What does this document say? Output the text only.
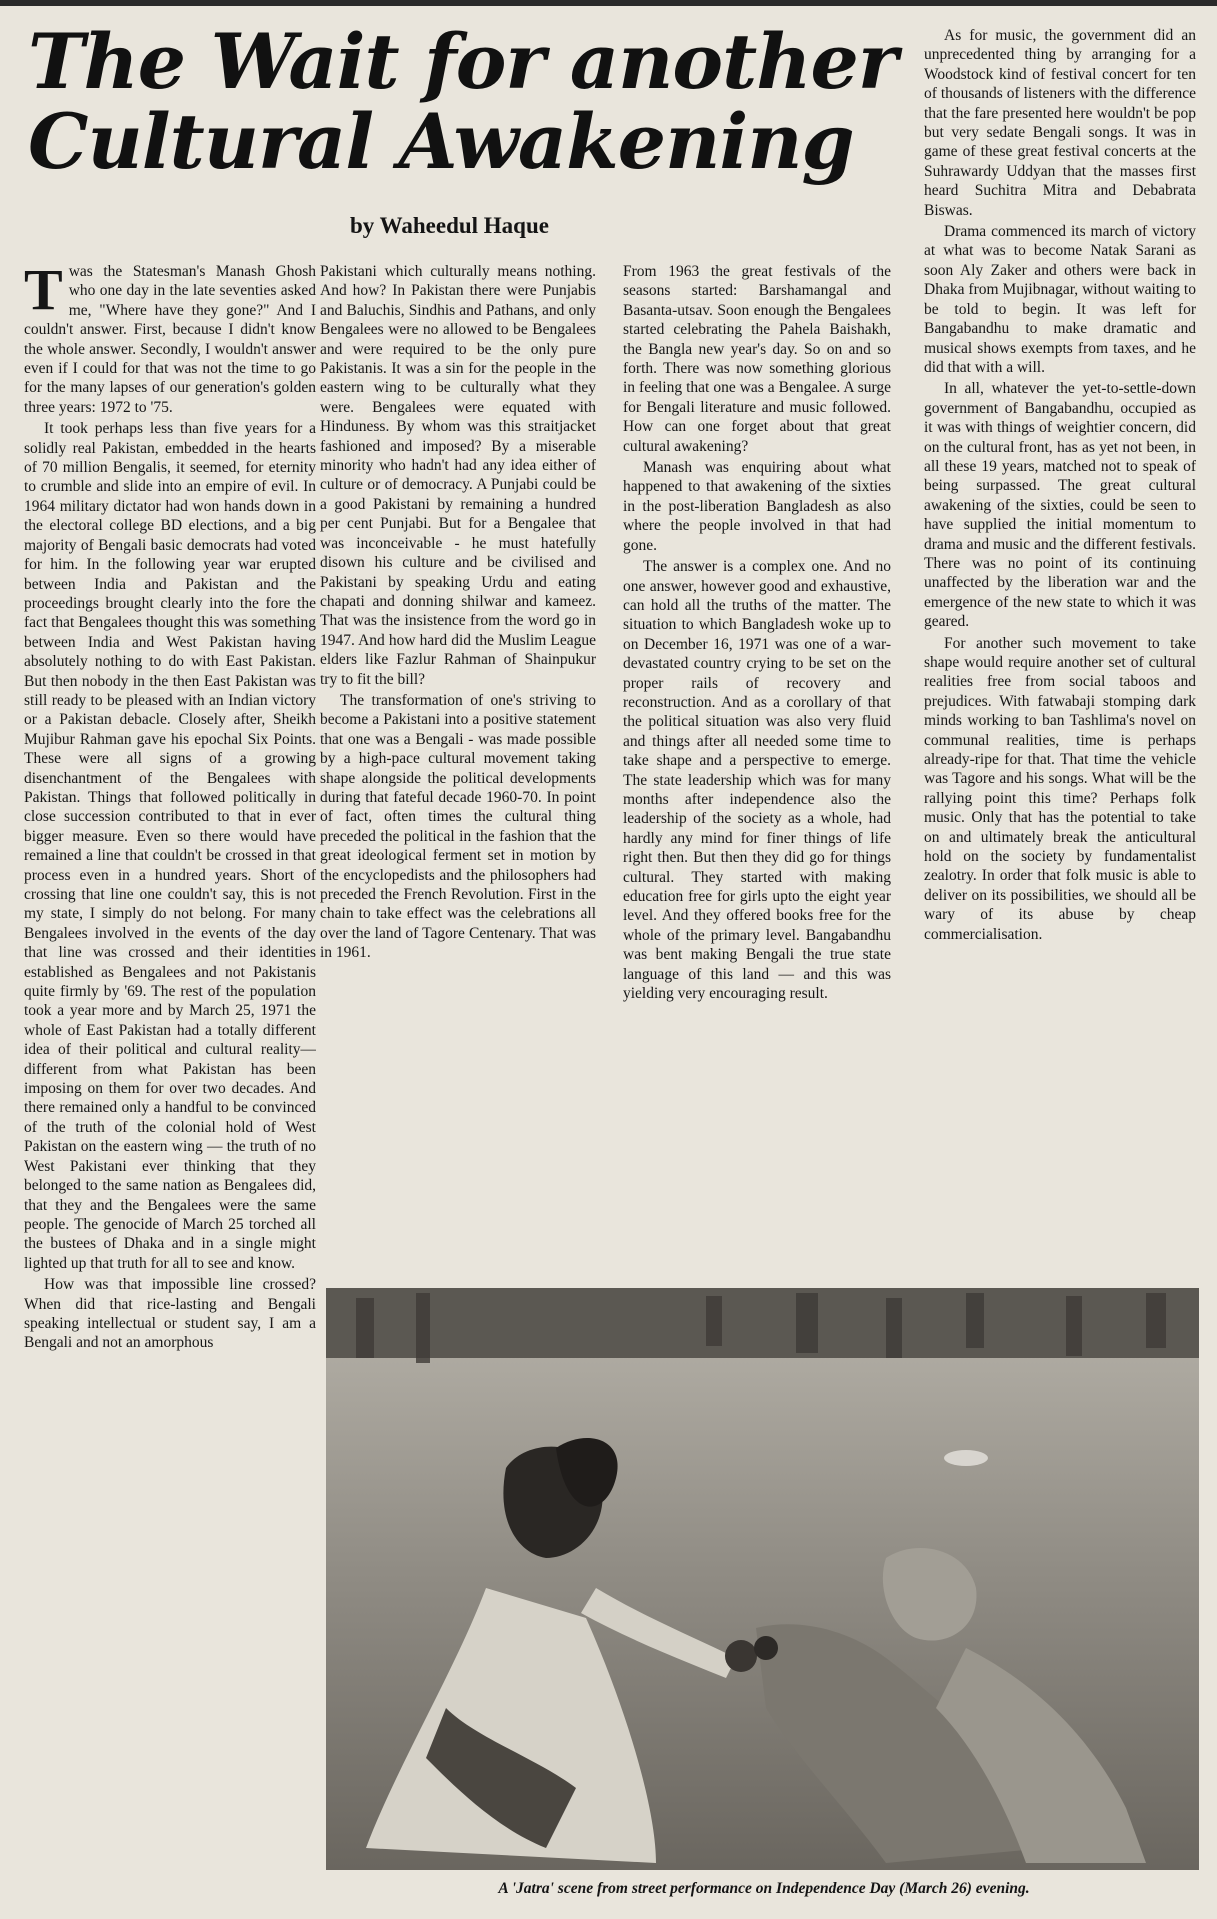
The Wait for another Cultural Awakening

by Waheedul Haque

Twas the Statesman's Manash Ghosh who one day in the late seventies asked me, "Where have they gone?" And I couldn't answer. First, because I didn't know the whole answer. Secondly, I wouldn't answer even if I could for that was not the time to go for the many lapses of our generation's golden three years: 1972 to '75.

It took perhaps less than five years for a solidly real Pakistan, embedded in the hearts of 70 million Bengalis, it seemed, for eternity to crumble and slide into an empire of evil. In 1964 military dictator had won hands down in the electoral college BD elections, and a big majority of Bengali basic democrats had voted for him. In the following year war erupted between India and Pakistan and the proceedings brought clearly into the fore the fact that Bengalees thought this was something between India and West Pakistan having absolutely nothing to do with East Pakistan. But then nobody in the then East Pakistan was still ready to be pleased with an Indian victory or a Pakistan debacle. Closely after, Sheikh Mujibur Rahman gave his epochal Six Points. These were all signs of a growing disenchantment of the Bengalees with Pakistan. Things that followed politically in close succession contributed to that in ever bigger measure. Even so there would have remained a line that couldn't be crossed in that process even in a hundred years. Short of crossing that line one couldn't say, this is not my state, I simply do not belong. For many Bengalees involved in the events of the day that line was crossed and their identities established as Bengalees and not Pakistanis quite firmly by '69. The rest of the population took a year more and by March 25, 1971 the whole of East Pakistan had a totally different idea of their political and cultural reality—different from what Pakistan has been imposing on them for over two decades. And there remained only a handful to be convinced of the truth of the colonial hold of West Pakistan on the eastern wing — the truth of no West Pakistani ever thinking that they belonged to the same nation as Bengalees did, that they and the Bengalees were the same people. The genocide of March 25 torched all the bustees of Dhaka and in a single might lighted up that truth for all to see and know.

How was that impossible line crossed? When did that rice-lasting and Bengali speaking intellectual or student say, I am a Bengali and not an amorphous

Pakistani which culturally means nothing. And how? In Pakistan there were Punjabis and Baluchis, Sindhis and Pathans, and only Bengalees were no allowed to be Bengalees and were required to be the only pure Pakistanis. It was a sin for the people in the eastern wing to be culturally what they were. Bengalees were equated with Hinduness. By whom was this straitjacket fashioned and imposed? By a miserable minority who hadn't had any idea either of culture or of democracy. A Punjabi could be a good Pakistani by remaining a hundred per cent Punjabi. But for a Bengalee that was inconceivable - he must hatefully disown his culture and be civilised and Pakistani by speaking Urdu and eating chapati and donning shilwar and kameez. That was the insistence from the word go in 1947. And how hard did the Muslim League elders like Fazlur Rahman of Shainpukur try to fit the bill?

The transformation of one's striving to become a Pakistani into a positive statement that one was a Bengali - was made possible by a high-pace cultural movement taking shape alongside the political developments during that fateful decade 1960-70. In point of fact, often times the cultural thing preceded the political in the fashion that the great ideological ferment set in motion by the encyclopedists and the philosophers had preceded the French Revolution. First in the chain to take effect was the celebrations all over the land of Tagore Centenary. That was in 1961.

From 1963 the great festivals of the seasons started: Barshamangal and Basanta-utsav. Soon enough the Bengalees started celebrating the Pahela Baishakh, the Bangla new year's day. So on and so forth. There was now something glorious in feeling that one was a Bengalee. A surge for Bengali literature and music followed. How can one forget about that great cultural awakening?

Manash was enquiring about what happened to that awakening of the sixties in the post-liberation Bangladesh as also where the people involved in that had gone.

The answer is a complex one. And no one answer, however good and exhaustive, can hold all the truths of the matter. The situation to which Bangladesh woke up to on December 16, 1971 was one of a war-devastated country crying to be set on the proper rails of recovery and reconstruction. And as a corollary of that the political situation was also very fluid and things after all needed some time to take shape and a perspective to emerge. The state leadership which was for many months after independence also the leadership of the society as a whole, had hardly any mind for finer things of life right then. But then they did go for things cultural. They started with making education free for girls upto the eight year level. And they offered books free for the whole of the primary level. Bangabandhu was bent making Bengali the true state language of this land — and this was yielding very encouraging result.

As for music, the government did an unprecedented thing by arranging for a Woodstock kind of festival concert for ten of thousands of listeners with the difference that the fare presented here wouldn't be pop but very sedate Bengali songs. It was in game of these great festival concerts at the Suhrawardy Uddyan that the masses first heard Suchitra Mitra and Debabrata Biswas.

Drama commenced its march of victory at what was to become Natak Sarani as soon Aly Zaker and others were back in Dhaka from Mujibnagar, without waiting to be told to begin. It was left for Bangabandhu to make dramatic and musical shows exempts from taxes, and he did that with a will.

In all, whatever the yet-to-settle-down government of Bangabandhu, occupied as it was with things of weightier concern, did on the cultural front, has as yet not been, in all these 19 years, matched not to speak of being surpassed. The great cultural awakening of the sixties, could be seen to have supplied the initial momentum to drama and music and the different festivals. There was no point of its continuing unaffected by the liberation war and the emergence of the new state to which it was geared.

For another such movement to take shape would require another set of cultural realities free from social taboos and prejudices. With fatwabaji stomping dark minds working to ban Tashlima's novel on communal realities, time is perhaps already-ripe for that. That time the vehicle was Tagore and his songs. What will be the rallying point this time? Perhaps folk music. Only that has the potential to take on and ultimately break the anticultural hold on the society by fundamentalist zealotry. In order that folk music is able to deliver on its possibilities, we should all be wary of its abuse by cheap commercialisation.

A 'Jatra' scene from street performance on Independence Day (March 26) evening.
